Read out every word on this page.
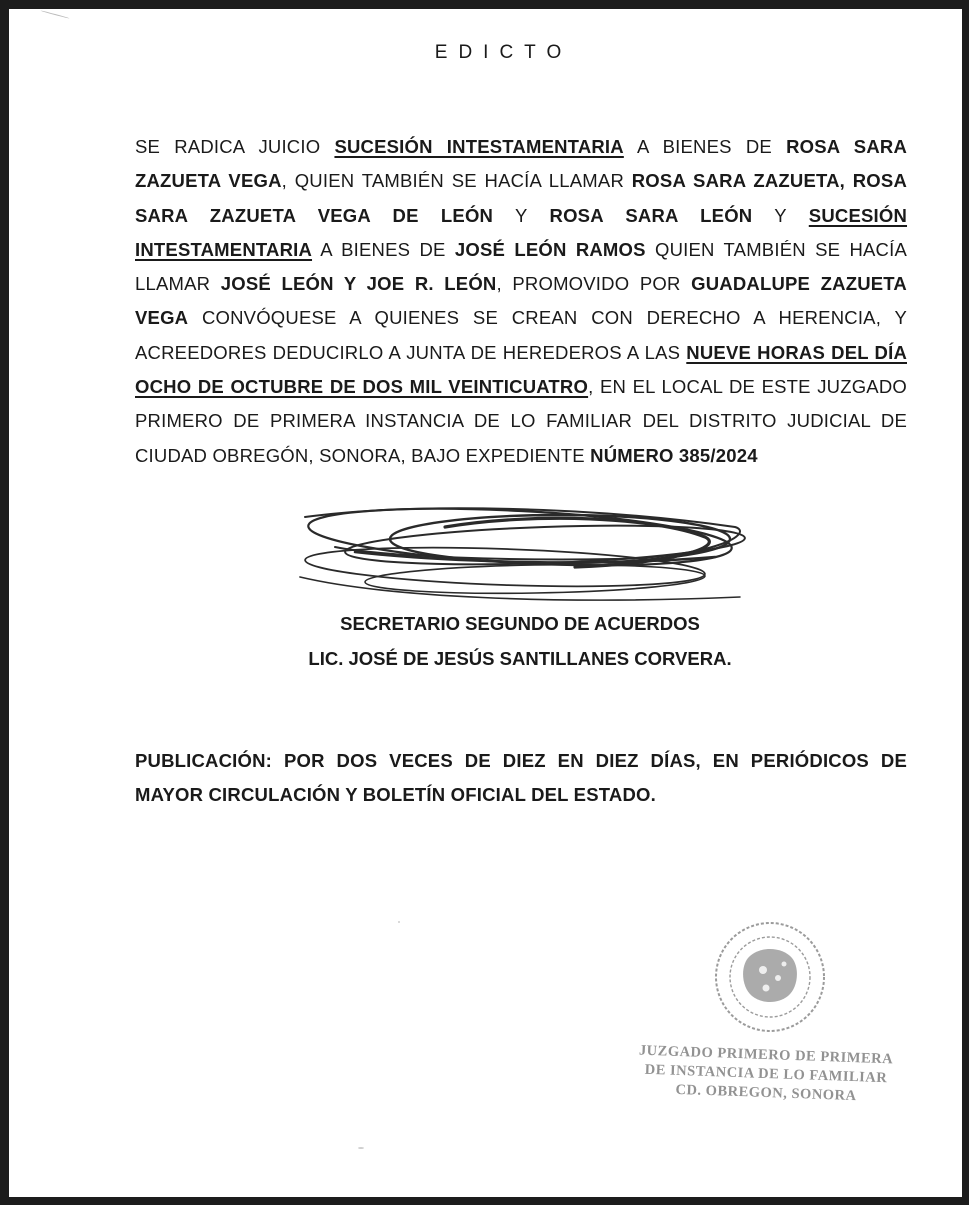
EDICTO

SE RADICA JUICIO SUCESIÓN INTESTAMENTARIA A BIENES DE ROSA SARA ZAZUETA VEGA, QUIEN TAMBIÉN SE HACÍA LLAMAR ROSA SARA ZAZUETA, ROSA SARA ZAZUETA VEGA DE LEÓN Y ROSA SARA LEÓN Y SUCESIÓN INTESTAMENTARIA A BIENES DE JOSÉ LEÓN RAMOS QUIEN TAMBIÉN SE HACÍA LLAMAR JOSÉ LEÓN Y JOE R. LEÓN, PROMOVIDO POR GUADALUPE ZAZUETA VEGA CONVÓQUESE A QUIENES SE CREAN CON DERECHO A HERENCIA, Y ACREEDORES DEDUCIRLO A JUNTA DE HEREDEROS A LAS NUEVE HORAS DEL DÍA OCHO DE OCTUBRE DE DOS MIL VEINTICUATRO, EN EL LOCAL DE ESTE JUZGADO PRIMERO DE PRIMERA INSTANCIA DE LO FAMILIAR DEL DISTRITO JUDICIAL DE CIUDAD OBREGÓN, SONORA, BAJO EXPEDIENTE NÚMERO 385/2024

SECRETARIO SEGUNDO DE ACUERDOS
LIC. JOSÉ DE JESÚS SANTILLANES CORVERA.

PUBLICACIÓN: POR DOS VECES DE DIEZ EN DIEZ DÍAS, EN PERIÓDICOS DE MAYOR CIRCULACIÓN Y BOLETÍN OFICIAL DEL ESTADO.

JUZGADO PRIMERO DE PRIMERA
DE INSTANCIA DE LO FAMILIAR
CD. OBREGON, SONORA
